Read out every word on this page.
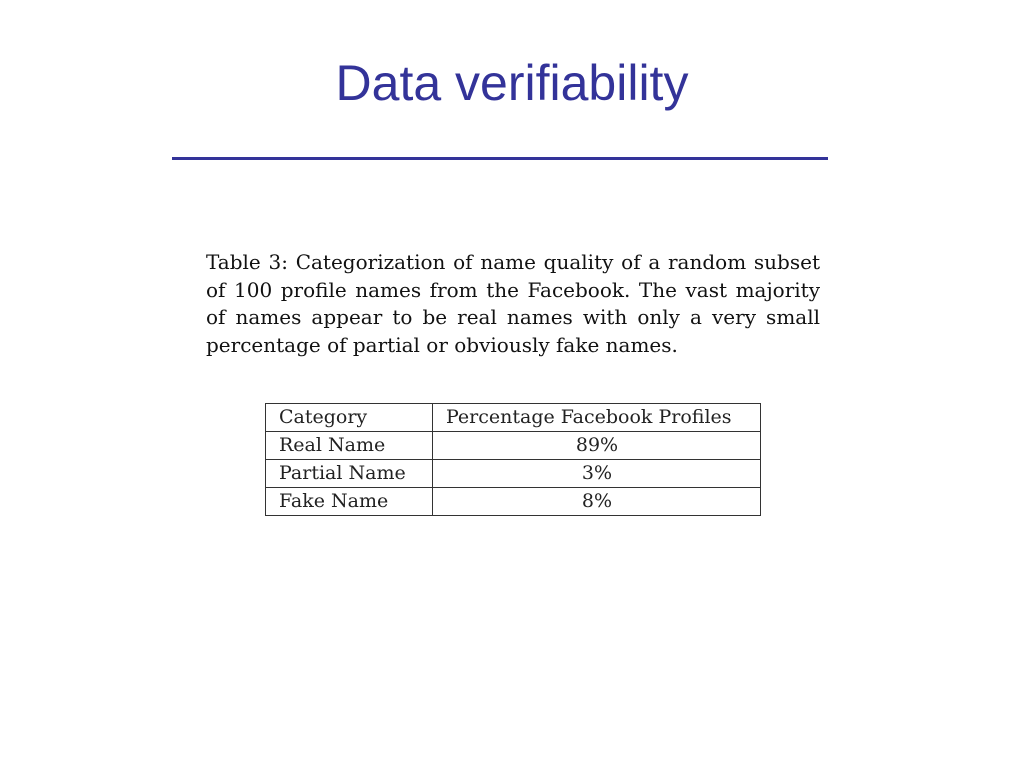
Data verifiability
Table 3: Categorization of name quality of a random subset of 100 profile names from the Facebook. The vast majority of names appear to be real names with only a very small percentage of partial or obviously fake names.
Category	Percentage Facebook Profiles
Real Name	89%
Partial Name	3%
Fake Name	8%
